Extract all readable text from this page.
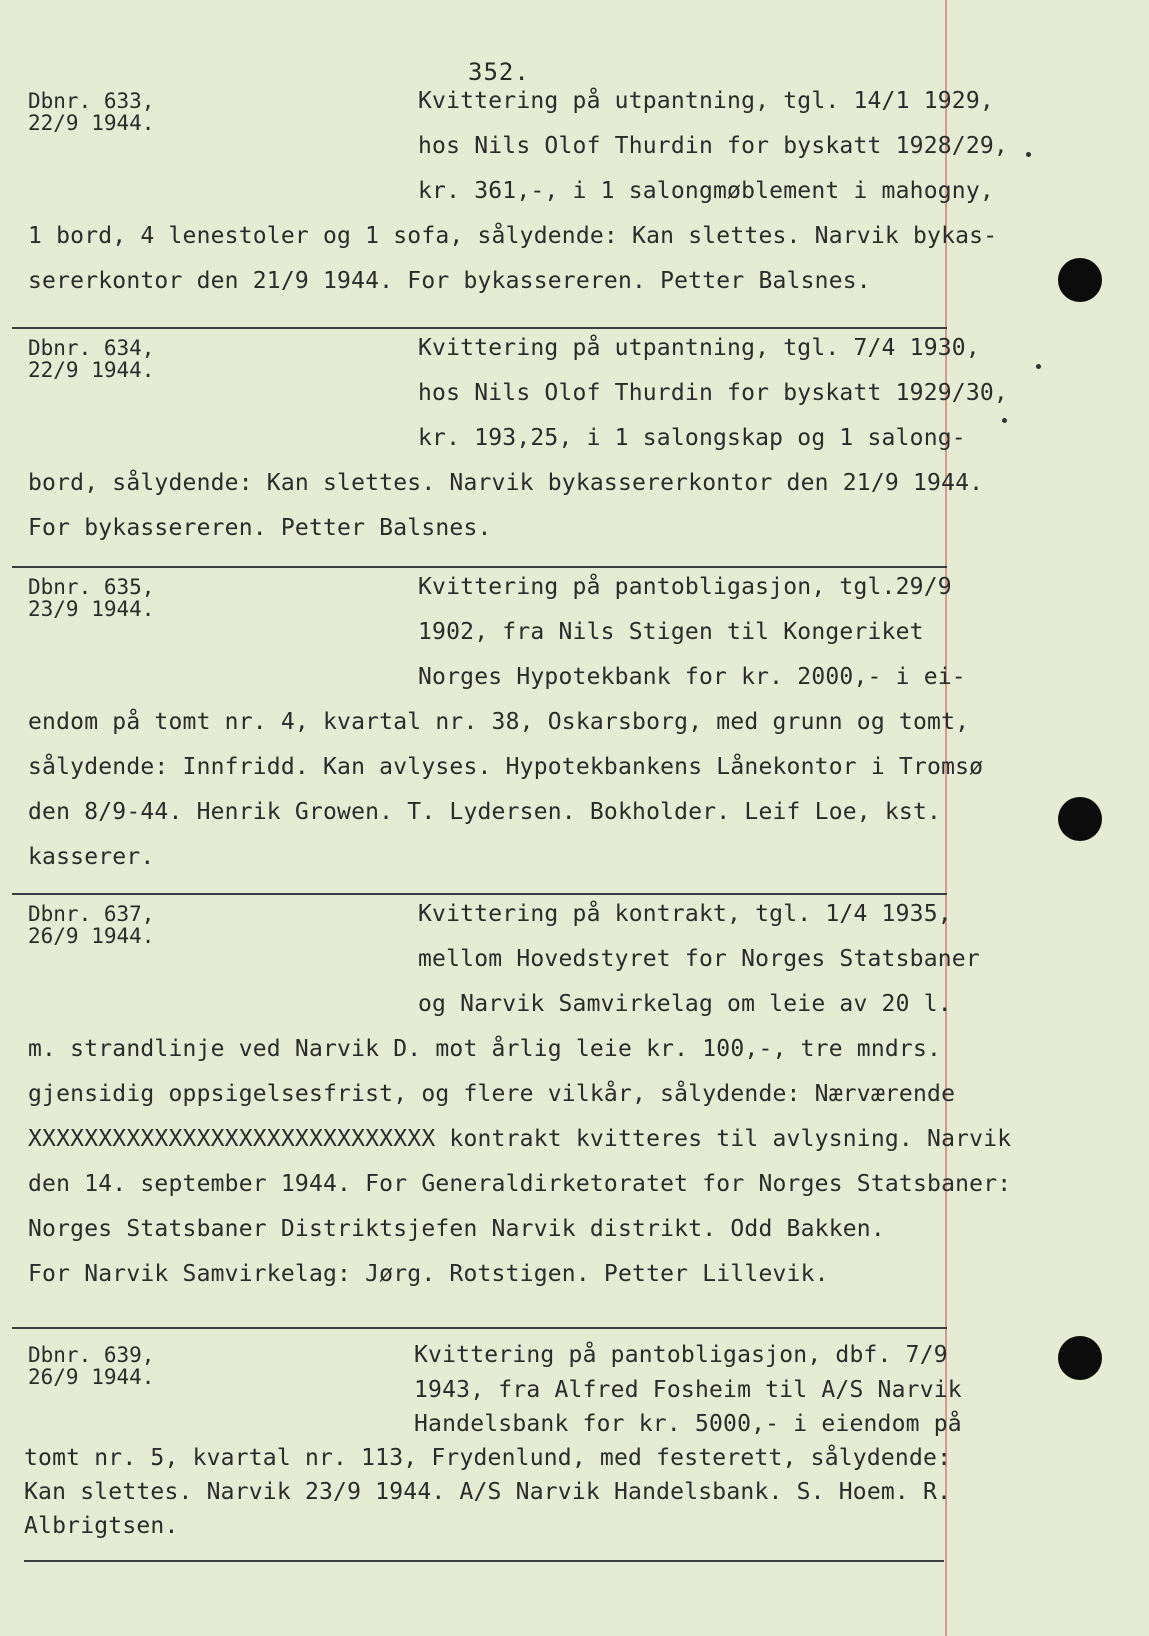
352.
Dbnr. 633,
22/9 1944.
Kvittering på utpantning, tgl. 14/1 1929,
hos Nils Olof Thurdin for byskatt 1928/29,
kr. 361,-, i 1 salongmøblement i mahogny,
1 bord, 4 lenestoler og 1 sofa, sålydende: Kan slettes. Narvik bykas-
sererkontor den 21/9 1944. For bykassereren. Petter Balsnes.
Dbnr. 634,
22/9 1944.
Kvittering på utpantning, tgl. 7/4 1930,
hos Nils Olof Thurdin for byskatt 1929/30,
kr. 193,25, i 1 salongskap og 1 salong-
bord, sålydende: Kan slettes. Narvik bykassererkontor den 21/9 1944.
For bykassereren. Petter Balsnes.
Dbnr. 635,
23/9 1944.
Kvittering på pantobligasjon, tgl.29/9
1902, fra Nils Stigen til Kongeriket
Norges Hypotekbank for kr. 2000,- i ei-
endom på tomt nr. 4, kvartal nr. 38, Oskarsborg, med grunn og tomt,
sålydende: Innfridd. Kan avlyses. Hypotekbankens Lånekontor i Tromsø
den 8/9-44. Henrik Growen. T. Lydersen. Bokholder. Leif Loe, kst.
kasserer.
Dbnr. 637,
26/9 1944.
Kvittering på kontrakt, tgl. 1/4 1935,
mellom Hovedstyret for Norges Statsbaner
og Narvik Samvirkelag om leie av 20 l.
m. strandlinje ved Narvik D. mot årlig leie kr. 100,-, tre mndrs.
gjensidig oppsigelsesfrist, og flere vilkår, sålydende: Nærværende
XXXXXXXXXXXXXXXXXXXXXXXXXXXXX kontrakt kvitteres til avlysning. Narvik
den 14. september 1944. For Generaldirketoratet for Norges Statsbaner:
Norges Statsbaner Distriktsjefen Narvik distrikt. Odd Bakken.
For Narvik Samvirkelag: Jørg. Rotstigen. Petter Lillevik.
Dbnr. 639,
26/9 1944.
Kvittering på pantobligasjon, dbf. 7/9
1943, fra Alfred Fosheim til A/S Narvik
Handelsbank for kr. 5000,- i eiendom på
tomt nr. 5, kvartal nr. 113, Frydenlund, med festerett, sålydende:
Kan slettes. Narvik 23/9 1944. A/S Narvik Handelsbank. S. Hoem. R.
Albrigtsen.
